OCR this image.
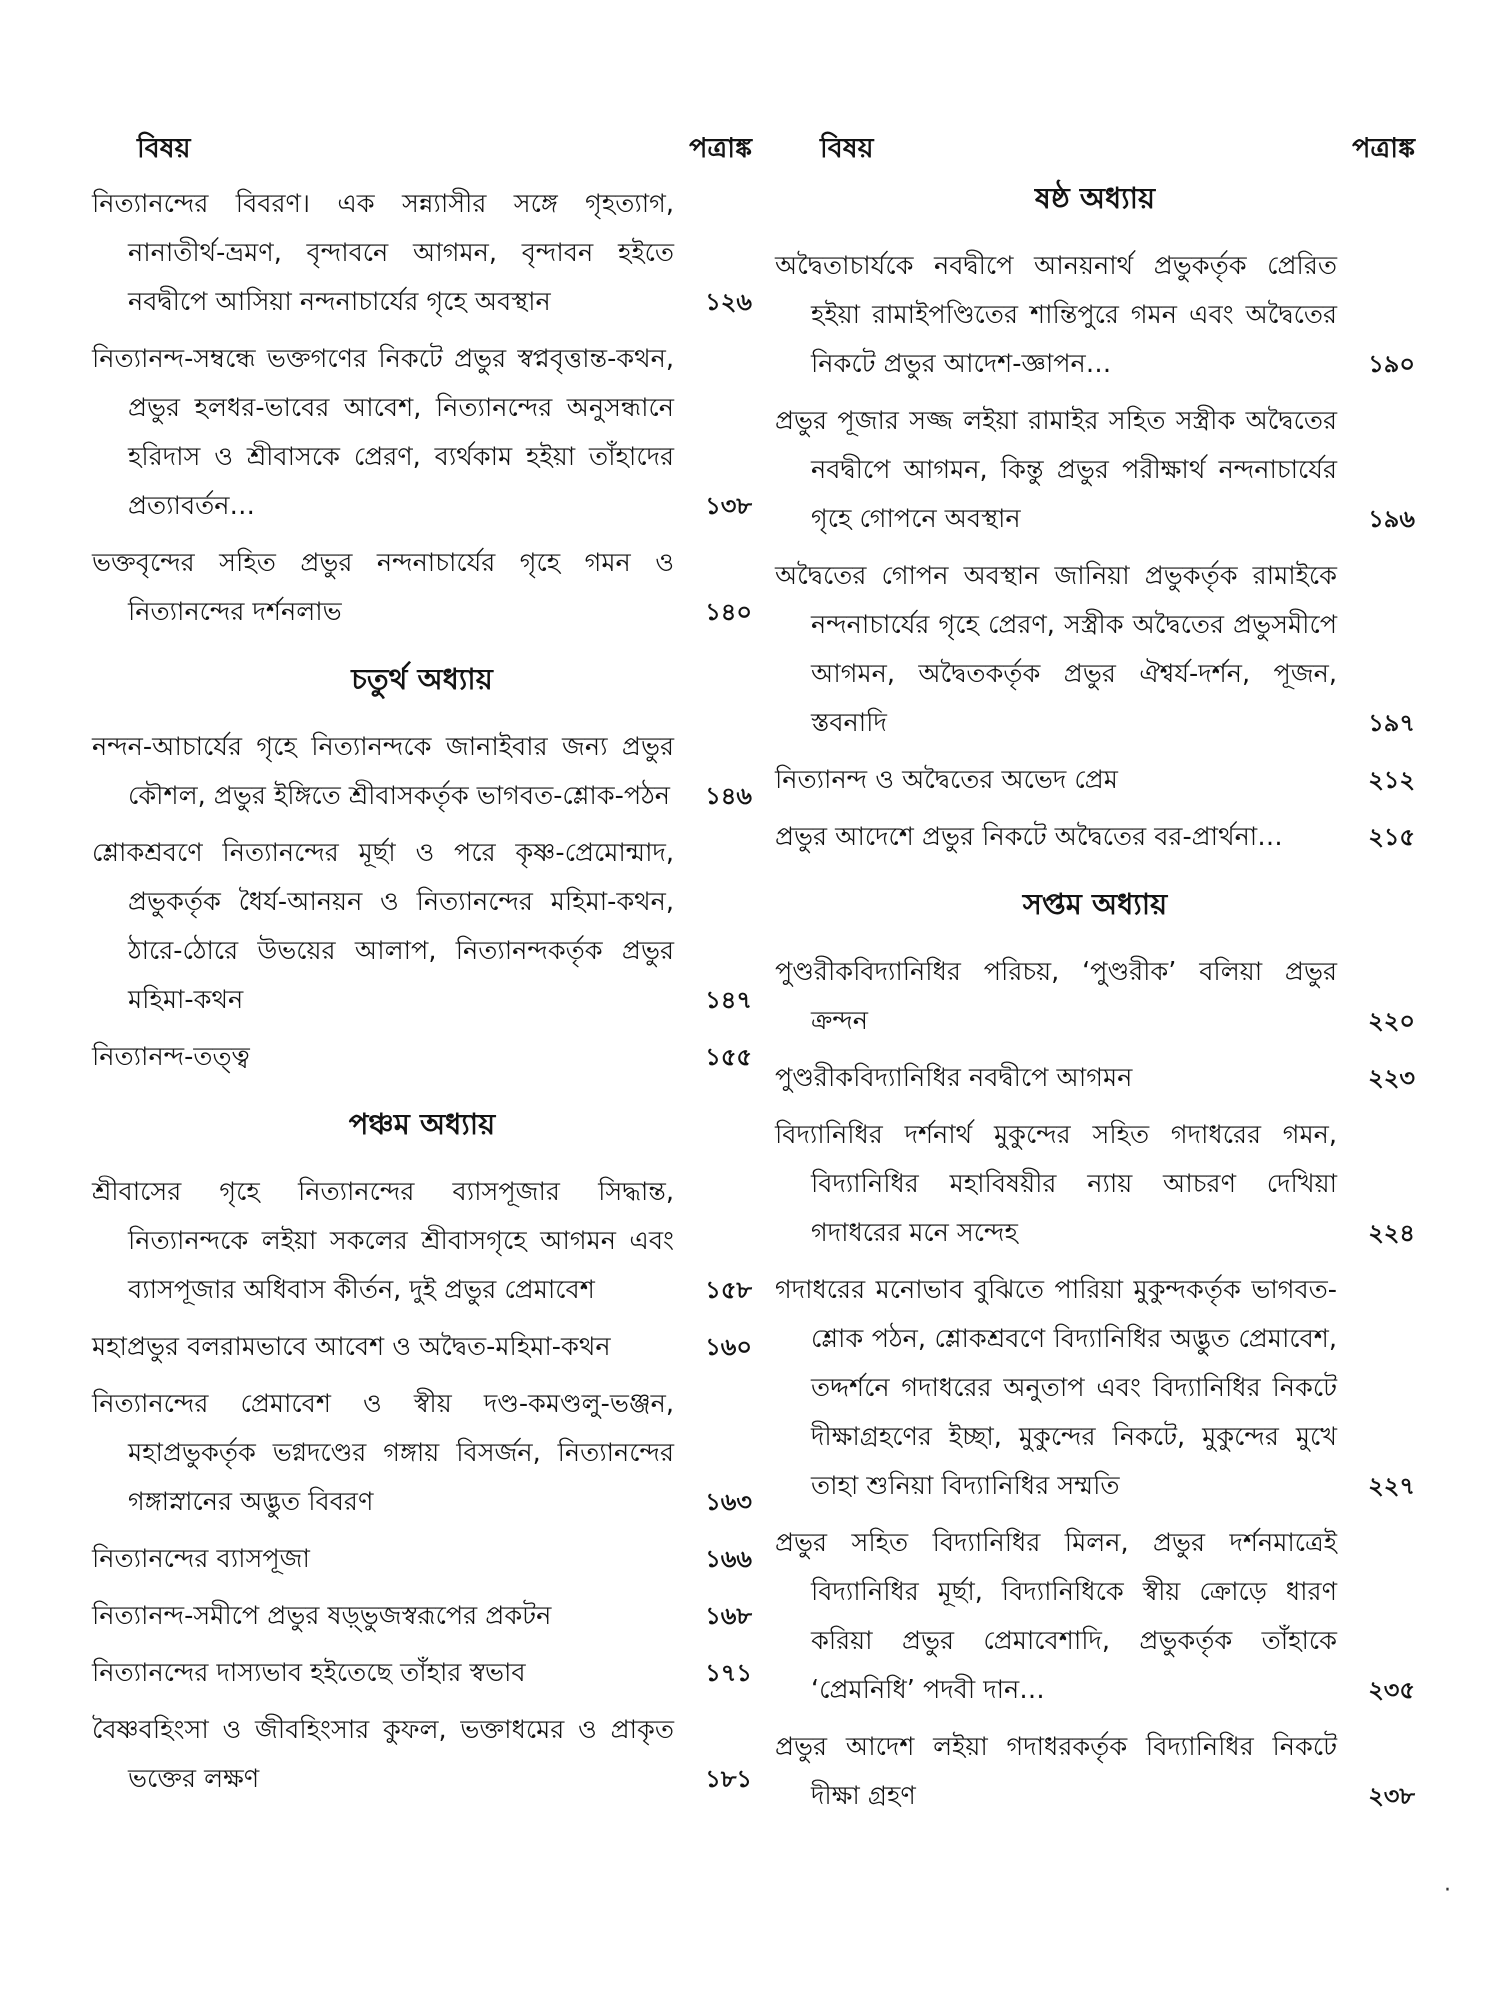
বিষয়	পত্রাঙ্ক
নিত্যানন্দের বিবরণ। এক সন্ন্যাসীর সঙ্গে গৃহত্যাগ, নানাতীর্থ-ভ্রমণ, বৃন্দাবনে আগমন, বৃন্দাবন হইতে নবদ্বীপে আসিয়া নন্দনাচার্যের গৃহে অবস্থান	১২৬
নিত্যানন্দ-সম্বন্ধে ভক্তগণের নিকটে প্রভুর স্বপ্নবৃত্তান্ত-কথন, প্রভুর হলধর-ভাবের আবেশ, নিত্যানন্দের অনুসন্ধানে হরিদাস ও শ্রীবাসকে প্রেরণ, ব্যর্থকাম হইয়া তাঁহাদের প্রত্যাবর্তন…	১৩৮
ভক্তবৃন্দের সহিত প্রভুর নন্দনাচার্যের গৃহে গমন ও নিত্যানন্দের দর্শনলাভ	১৪০
চতুর্থ অধ্যায়
নন্দন-আচার্যের গৃহে নিত্যানন্দকে জানাইবার জন্য প্রভুর কৌশল, প্রভুর ইঙ্গিতে শ্রীবাসকর্তৃক ভাগবত-শ্লোক-পঠন	১৪৬
শ্লোকশ্রবণে নিত্যানন্দের মূর্ছা ও পরে কৃষ্ণ-প্রেমোন্মাদ, প্রভুকর্তৃক ধৈর্য-আনয়ন ও নিত্যানন্দের মহিমা-কথন, ঠারে-ঠোরে উভয়ের আলাপ, নিত্যানন্দকর্তৃক প্রভুর মহিমা-কথন	১৪৭
নিত্যানন্দ-তত্ত্ব	১৫৫
পঞ্চম অধ্যায়
শ্রীবাসের গৃহে নিত্যানন্দের ব্যাসপূজার সিদ্ধান্ত, নিত্যানন্দকে লইয়া সকলের শ্রীবাসগৃহে আগমন এবং ব্যাসপূজার অধিবাস কীর্তন, দুই প্রভুর প্রেমাবেশ	১৫৮
মহাপ্রভুর বলরামভাবে আবেশ ও অদ্বৈত-মহিমা-কথন	১৬০
নিত্যানন্দের প্রেমাবেশ ও স্বীয় দণ্ড-কমণ্ডলু-ভঞ্জন, মহাপ্রভুকর্তৃক ভগ্নদণ্ডের গঙ্গায় বিসর্জন, নিত্যানন্দের গঙ্গাস্নানের অদ্ভুত বিবরণ	১৬৩
নিত্যানন্দের ব্যাসপূজা	১৬৬
নিত্যানন্দ-সমীপে প্রভুর ষড়্‌ভুজস্বরূপের প্রকটন	১৬৮
নিত্যানন্দের দাস্যভাব হইতেছে তাঁহার স্বভাব	১৭১
বৈষ্ণবহিংসা ও জীবহিংসার কুফল, ভক্তাধমের ও প্রাকৃত ভক্তের লক্ষণ	১৮১
বিষয়	পত্রাঙ্ক
ষষ্ঠ অধ্যায়
অদ্বৈতাচার্যকে নবদ্বীপে আনয়নার্থ প্রভুকর্তৃক প্রেরিত হইয়া রামাইপণ্ডিতের শান্তিপুরে গমন এবং অদ্বৈতের নিকটে প্রভুর আদেশ-জ্ঞাপন…	১৯০
প্রভুর পূজার সজ্জ লইয়া রামাইর সহিত সস্ত্রীক অদ্বৈতের নবদ্বীপে আগমন, কিন্তু প্রভুর পরীক্ষার্থ নন্দনাচার্যের গৃহে গোপনে অবস্থান	১৯৬
অদ্বৈতের গোপন অবস্থান জানিয়া প্রভুকর্তৃক রামাইকে নন্দনাচার্যের গৃহে প্রেরণ, সস্ত্রীক অদ্বৈতের প্রভুসমীপে আগমন, অদ্বৈতকর্তৃক প্রভুর ঐশ্বর্য-দর্শন, পূজন, স্তবনাদি	১৯৭
নিত্যানন্দ ও অদ্বৈতের অভেদ প্রেম	২১২
প্রভুর আদেশে প্রভুর নিকটে অদ্বৈতের বর-প্রার্থনা…	২১৫
সপ্তম অধ্যায়
পুণ্ডরীকবিদ্যানিধির পরিচয়, ‘পুণ্ডরীক’ বলিয়া প্রভুর ক্রন্দন	২২০
পুণ্ডরীকবিদ্যানিধির নবদ্বীপে আগমন	২২৩
বিদ্যানিধির দর্শনার্থ মুকুন্দের সহিত গদাধরের গমন, বিদ্যানিধির মহাবিষয়ীর ন্যায় আচরণ দেখিয়া গদাধরের মনে সন্দেহ	২২৪
গদাধরের মনোভাব বুঝিতে পারিয়া মুকুন্দকর্তৃক ভাগবত-শ্লোক পঠন, শ্লোকশ্রবণে বিদ্যানিধির অদ্ভুত প্রেমাবেশ, তদ্দর্শনে গদাধরের অনুতাপ এবং বিদ্যানিধির নিকটে দীক্ষাগ্রহণের ইচ্ছা, মুকুন্দের নিকটে, মুকুন্দের মুখে তাহা শুনিয়া বিদ্যানিধির সম্মতি	২২৭
প্রভুর সহিত বিদ্যানিধির মিলন, প্রভুর দর্শনমাত্রেই বিদ্যানিধির মূর্ছা, বিদ্যানিধিকে স্বীয় ক্রোড়ে ধারণ করিয়া প্রভুর প্রেমাবেশাদি, প্রভুকর্তৃক তাঁহাকে ‘প্রেমনিধি’ পদবী দান…	২৩৫
প্রভুর আদেশ লইয়া গদাধরকর্তৃক বিদ্যানিধির নিকটে দীক্ষা গ্রহণ	২৩৮
·
